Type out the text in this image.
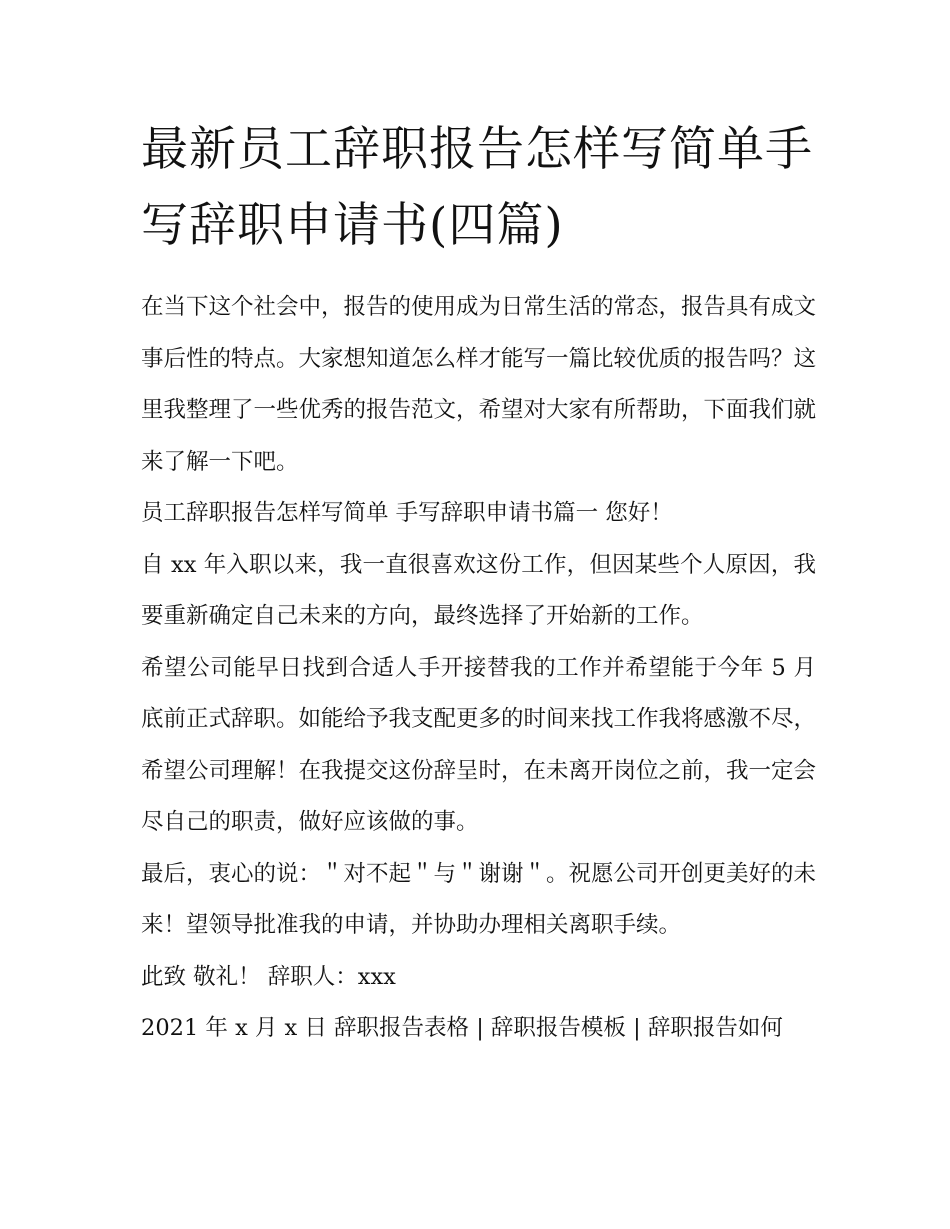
最新员工辞职报告怎样写简单手写辞职申请书(四篇)

在当下这个社会中，报告的使用成为日常生活的常态，报告具有成文事后性的特点。大家想知道怎么样才能写一篇比较优质的报告吗？这里我整理了一些优秀的报告范文，希望对大家有所帮助，下面我们就来了解一下吧。

员工辞职报告怎样写简单 手写辞职申请书篇一 您好！

自 xx 年入职以来，我一直很喜欢这份工作，但因某些个人原因，我要重新确定自己未来的方向，最终选择了开始新的工作。

希望公司能早日找到合适人手开接替我的工作并希望能于今年 5 月底前正式辞职。如能给予我支配更多的时间来找工作我将感激不尽，希望公司理解！在我提交这份辞呈时，在未离开岗位之前，我一定会尽自己的职责，做好应该做的事。

最后，衷心的说：＂对不起＂与＂谢谢＂。祝愿公司开创更美好的未来！望领导批准我的申请，并协助办理相关离职手续。

此致 敬礼！ 辞职人：xxx

2021 年 x 月 x 日 辞职报告表格 | 辞职报告模板 | 辞职报告如何
